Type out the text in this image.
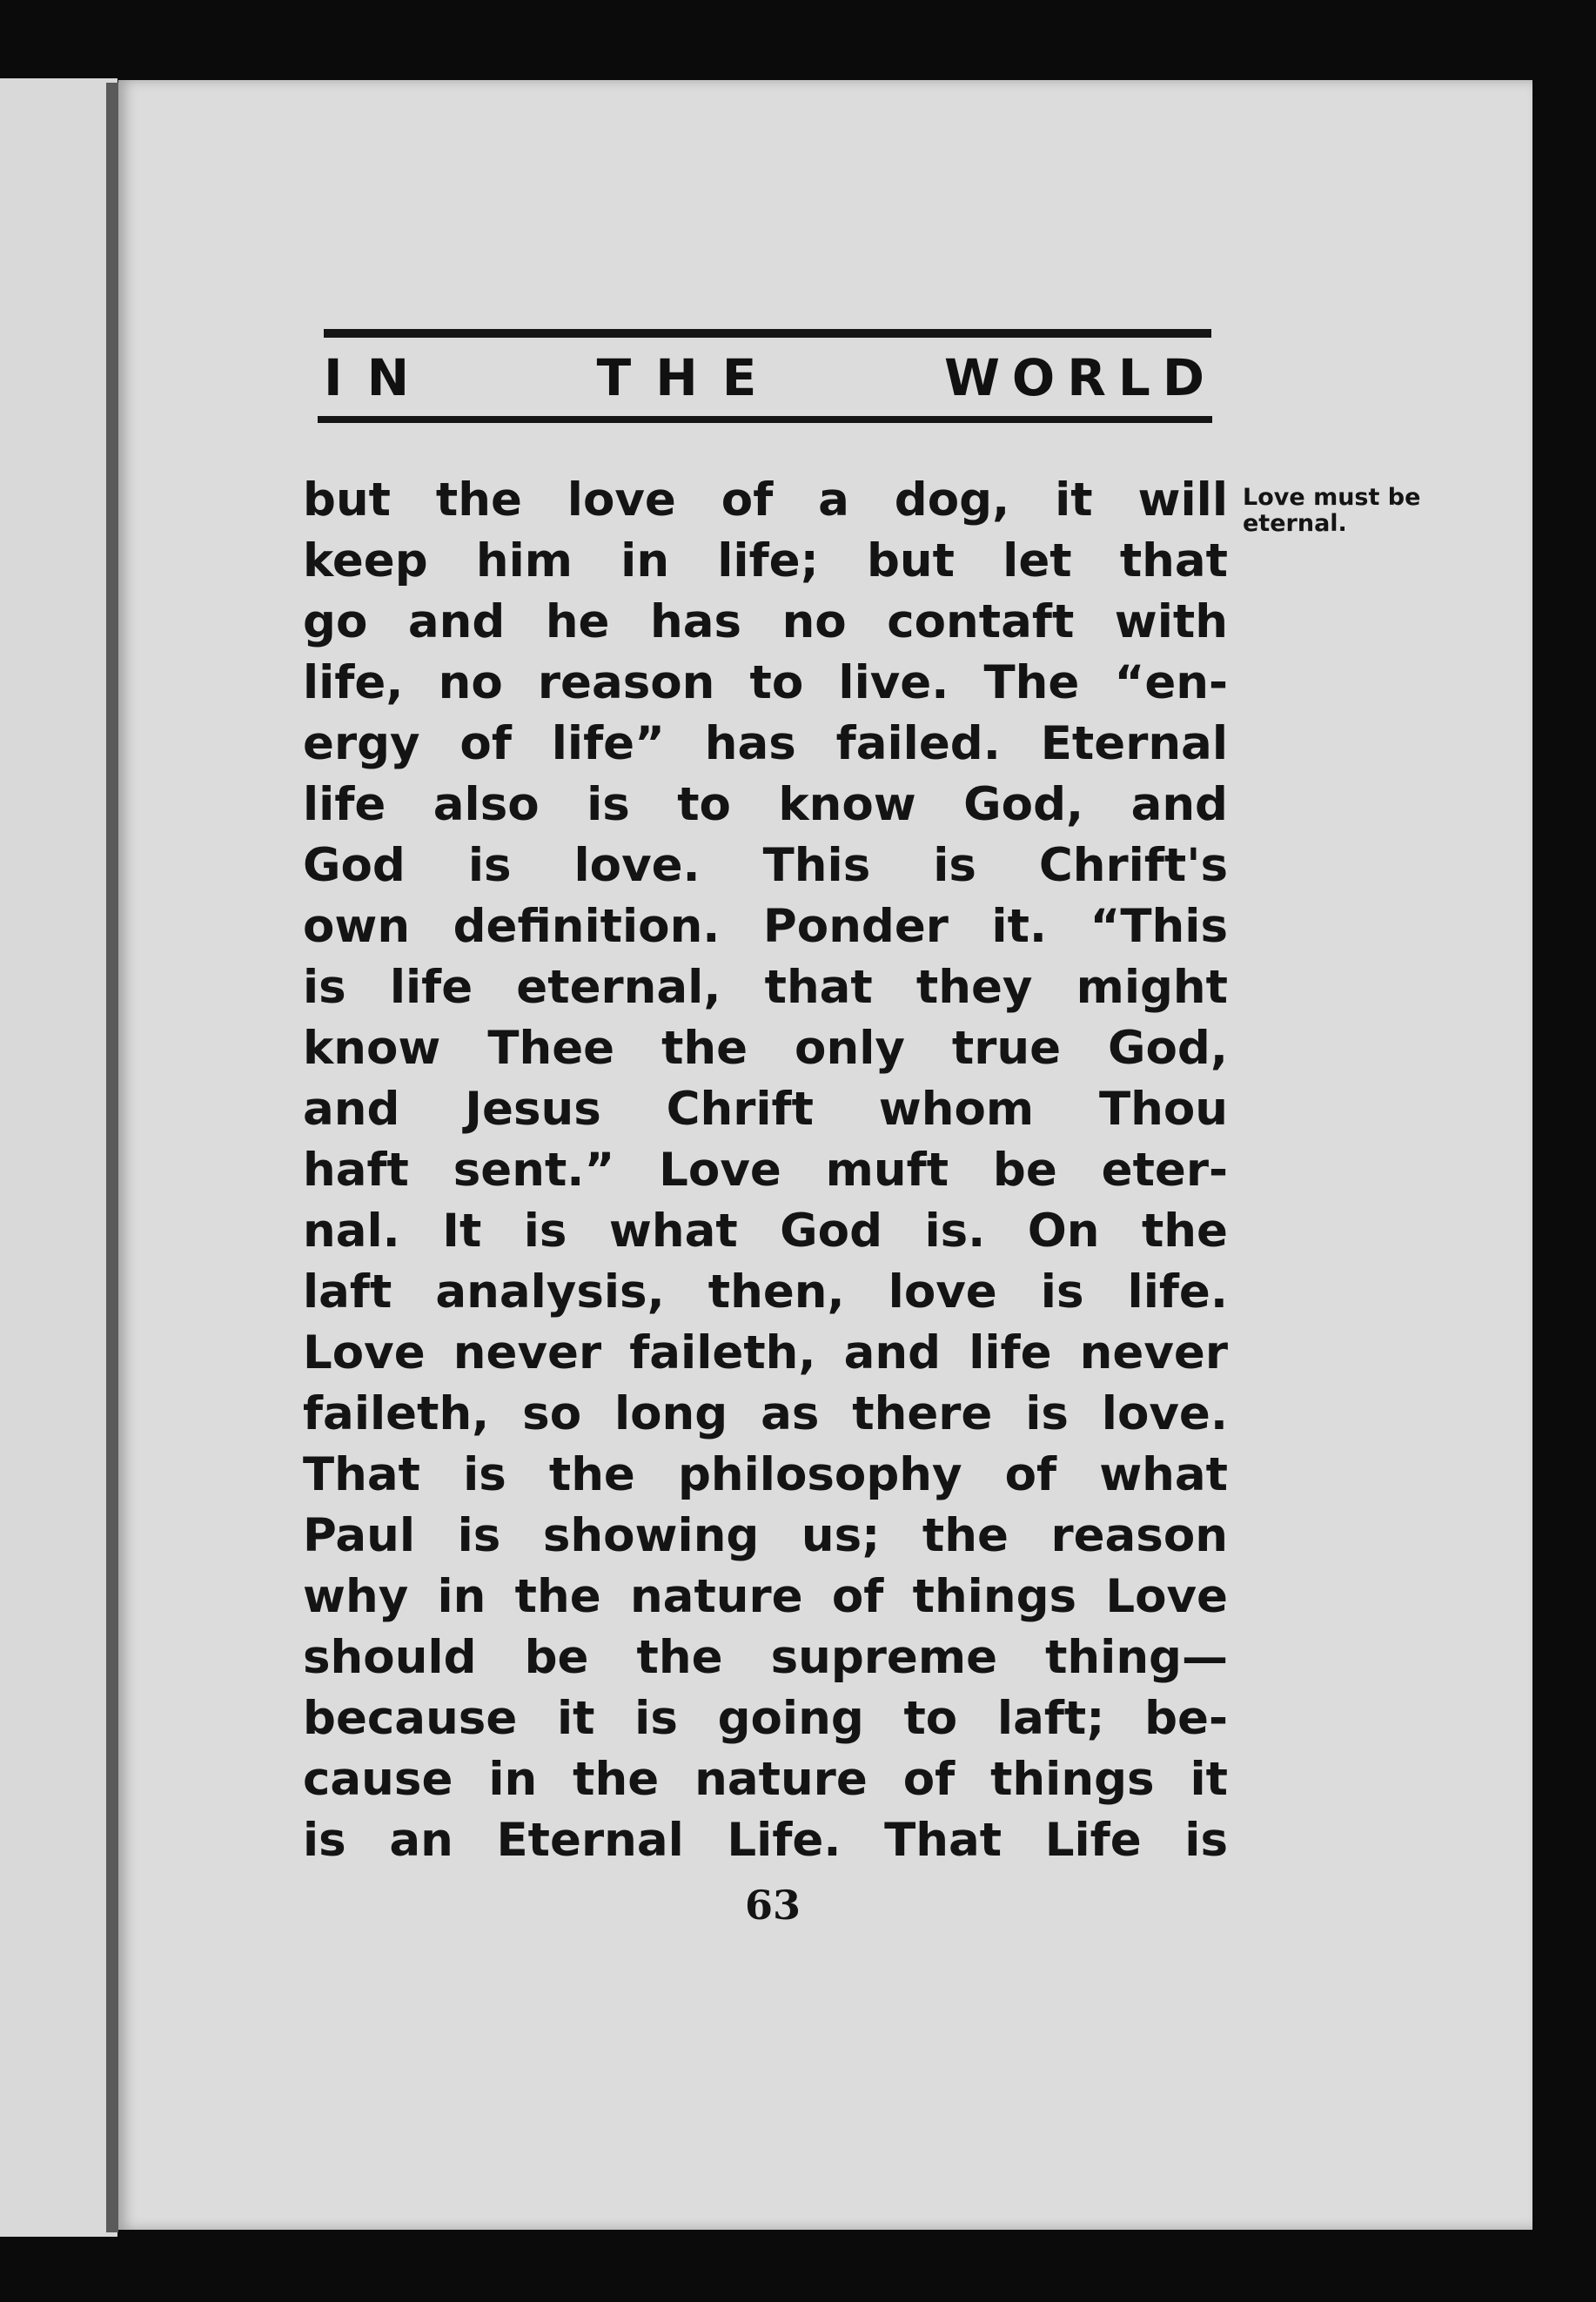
IN	THE	WORLD
but the love of a dog, it will
keep him in life; but let that
go and he has no contaft with
life, no reason to live. The “en-
ergy of life” has failed. Eternal
life also is to know God, and
God is love. This is Chrift's
own definition. Ponder it. “This
is life eternal, that they might
know Thee the only true God,
and Jesus Chrift whom Thou
haft sent.” Love muft be eter-
nal. It is what God is. On the
laft analysis, then, love is life.
Love never faileth, and life never
faileth, so long as there is love.
That is the philosophy of what
Paul is showing us; the reason
why in the nature of things Love
should be the supreme thing—
because it is going to laft; be-
cause in the nature of things it
is an Eternal Life. That Life is
Love must be eternal.
63
